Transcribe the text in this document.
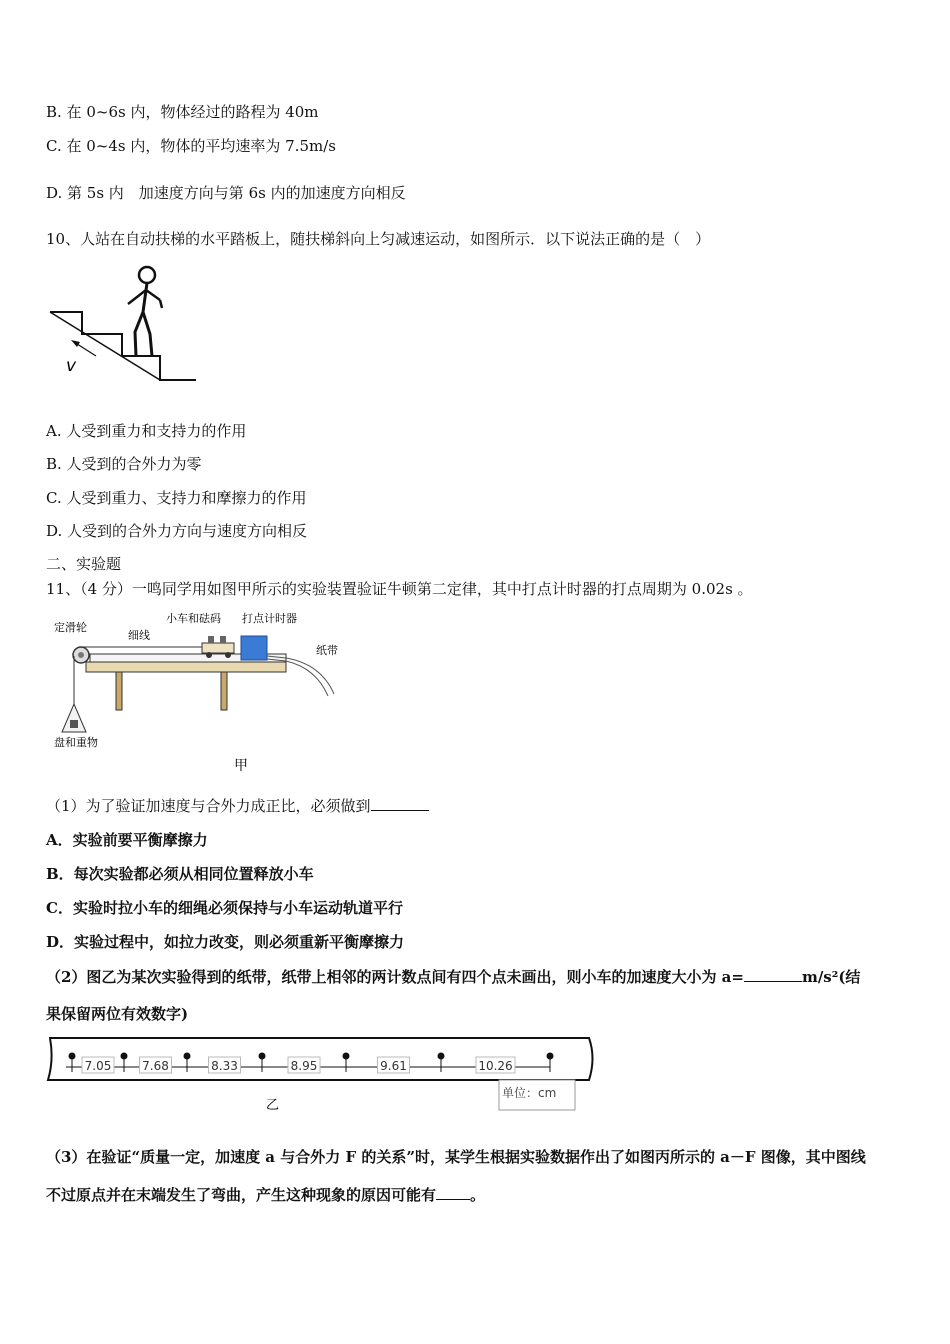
B. 在 0~6s 内，物体经过的路程为 40m
C. 在 0~4s 内，物体的平均速率为 7.5m/s
D. 第 5s 内　加速度方向与第 6s 内的加速度方向相反
10、人站在自动扶梯的水平踏板上，随扶梯斜向上匀减速运动，如图所示．以下说法正确的是（　）
v
A. 人受到重力和支持力的作用
B. 人受到的合外力为零
C. 人受到重力、支持力和摩擦力的作用
D. 人受到的合外力方向与速度方向相反
二、实验题
11、（4 分）一鸣同学用如图甲所示的实验装置验证牛顿第二定律，其中打点计时器的打点周期为 0.02s 。
定滑轮
细线
小车和砝码 打点计时器
纸带
盘和重物
甲
（1）为了验证加速度与合外力成正比，必须做到
A．实验前要平衡摩擦力
B．每次实验都必须从相同位置释放小车
C．实验时拉小车的细绳必须保持与小车运动轨道平行
D．实验过程中，如拉力改变，则必须重新平衡摩擦力
（2）图乙为某次实验得到的纸带，纸带上相邻的两计数点间有四个点未画出，则小车的加速度大小为 a=	m/s²(结
果保留两位有效数字)
7.05	7.68	8.33	8.95	9.61	10.26
单位：cm
乙
（3）在验证“质量一定，加速度 a 与合外力 F 的关系”时，某学生根据实验数据作出了如图丙所示的 a－F 图像，其中图线
不过原点并在末端发生了弯曲，产生这种现象的原因可能有 。
